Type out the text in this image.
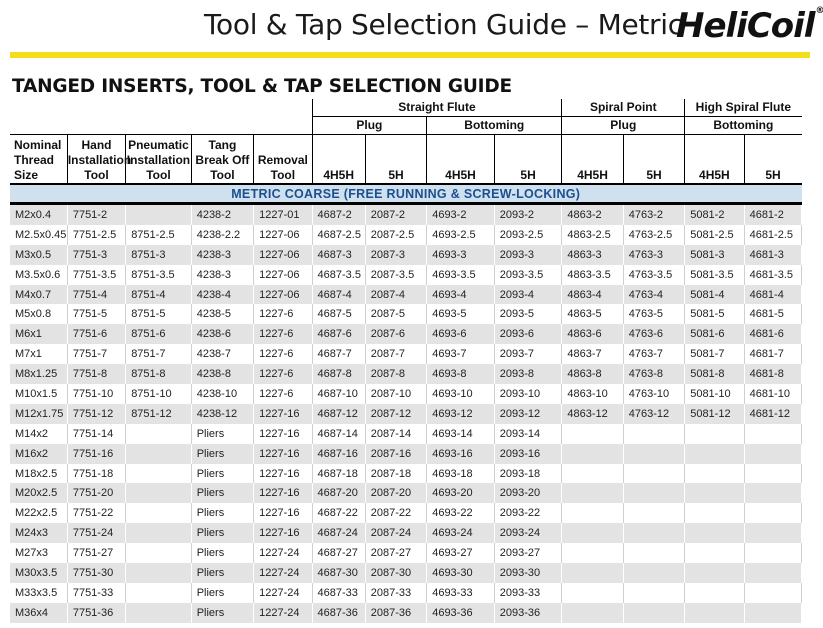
Tool & Tap Selection Guide – Metric
HeliCoil®
TANGED INSERTS, TOOL & TAP SELECTION GUIDE
					Straight Flute				Spiral Point		High Spiral Flute	
					Plug		Bottoming		Plug		Bottoming	
Nominal Thread Size	Hand Installation Tool	Pneumatic Installation Tool	Tang Break Off Tool	Removal Tool	4H5H	5H	4H5H	5H	4H5H	5H	4H5H	5H
METRIC COARSE (FREE RUNNING & SCREW-LOCKING)												
M2x0.4	7751-2		4238-2	1227-01	4687-2	2087-2	4693-2	2093-2	4863-2	4763-2	5081-2	4681-2
M2.5x0.45	7751-2.5	8751-2.5	4238-2.2	1227-06	4687-2.5	2087-2.5	4693-2.5	2093-2.5	4863-2.5	4763-2.5	5081-2.5	4681-2.5
M3x0.5	7751-3	8751-3	4238-3	1227-06	4687-3	2087-3	4693-3	2093-3	4863-3	4763-3	5081-3	4681-3
M3.5x0.6	7751-3.5	8751-3.5	4238-3	1227-06	4687-3.5	2087-3.5	4693-3.5	2093-3.5	4863-3.5	4763-3.5	5081-3.5	4681-3.5
M4x0.7	7751-4	8751-4	4238-4	1227-06	4687-4	2087-4	4693-4	2093-4	4863-4	4763-4	5081-4	4681-4
M5x0.8	7751-5	8751-5	4238-5	1227-6	4687-5	2087-5	4693-5	2093-5	4863-5	4763-5	5081-5	4681-5
M6x1	7751-6	8751-6	4238-6	1227-6	4687-6	2087-6	4693-6	2093-6	4863-6	4763-6	5081-6	4681-6
M7x1	7751-7	8751-7	4238-7	1227-6	4687-7	2087-7	4693-7	2093-7	4863-7	4763-7	5081-7	4681-7
M8x1.25	7751-8	8751-8	4238-8	1227-6	4687-8	2087-8	4693-8	2093-8	4863-8	4763-8	5081-8	4681-8
M10x1.5	7751-10	8751-10	4238-10	1227-6	4687-10	2087-10	4693-10	2093-10	4863-10	4763-10	5081-10	4681-10
M12x1.75	7751-12	8751-12	4238-12	1227-16	4687-12	2087-12	4693-12	2093-12	4863-12	4763-12	5081-12	4681-12
M14x2	7751-14		Pliers	1227-16	4687-14	2087-14	4693-14	2093-14				
M16x2	7751-16		Pliers	1227-16	4687-16	2087-16	4693-16	2093-16				
M18x2.5	7751-18		Pliers	1227-16	4687-18	2087-18	4693-18	2093-18				
M20x2.5	7751-20		Pliers	1227-16	4687-20	2087-20	4693-20	2093-20				
M22x2.5	7751-22		Pliers	1227-16	4687-22	2087-22	4693-22	2093-22				
M24x3	7751-24		Pliers	1227-16	4687-24	2087-24	4693-24	2093-24				
M27x3	7751-27		Pliers	1227-24	4687-27	2087-27	4693-27	2093-27				
M30x3.5	7751-30		Pliers	1227-24	4687-30	2087-30	4693-30	2093-30				
M33x3.5	7751-33		Pliers	1227-24	4687-33	2087-33	4693-33	2093-33				
M36x4	7751-36		Pliers	1227-24	4687-36	2087-36	4693-36	2093-36				
